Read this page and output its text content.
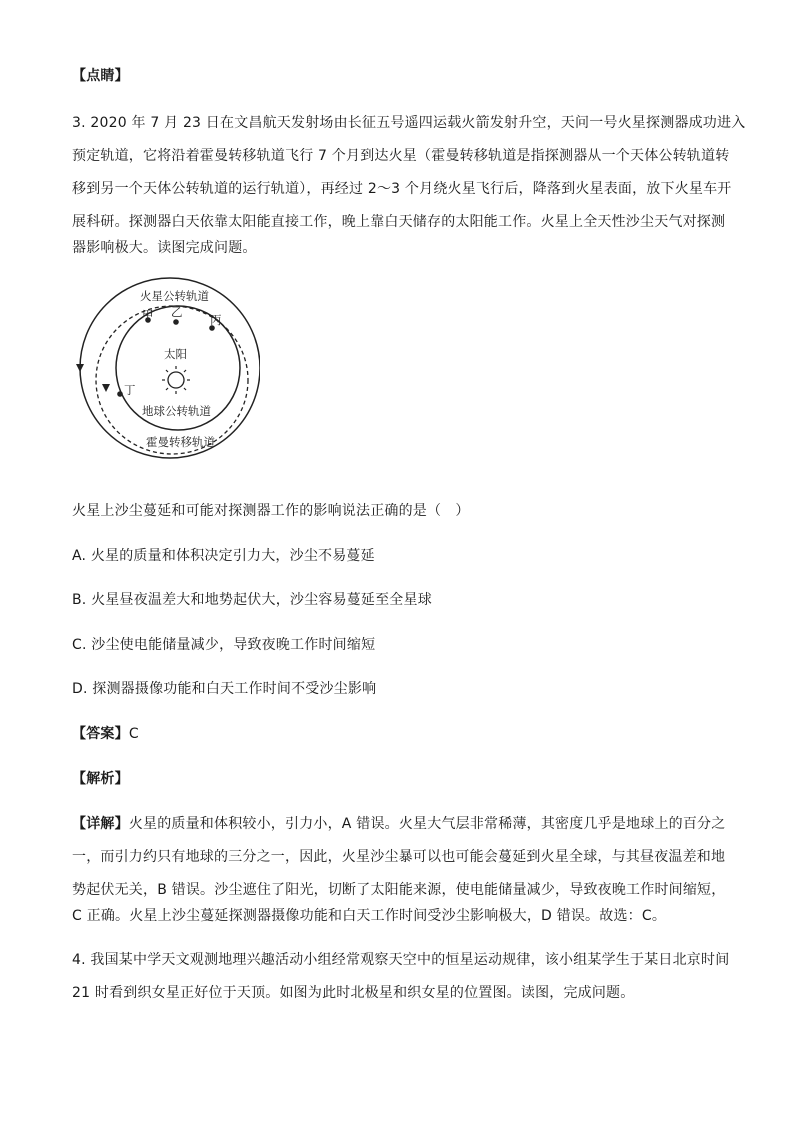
【点睛】
3. 2020 年 7 月 23 日在文昌航天发射场由长征五号遥四运载火箭发射升空，天问一号火星探测器成功进入
预定轨道，它将沿着霍曼转移轨道飞行 7 个月到达火星（霍曼转移轨道是指探测器从一个天体公转轨道转
移到另一个天体公转轨道的运行轨道），再经过 2～3 个月绕火星飞行后，降落到火星表面，放下火星车开
展科研。探测器白天依靠太阳能直接工作，晚上靠白天储存的太阳能工作。火星上全天性沙尘天气对探测
器影响极大。读图完成问题。
火星公转轨道
甲 乙
丙
太阳
丁
地球公转轨道
霍曼转移轨道
火星上沙尘蔓延和可能对探测器工作的影响说法正确的是（　）
A. 火星的质量和体积决定引力大，沙尘不易蔓延
B. 火星昼夜温差大和地势起伏大，沙尘容易蔓延至全星球
C. 沙尘使电能储量减少，导致夜晚工作时间缩短
D. 探测器摄像功能和白天工作时间不受沙尘影响
【答案】C
【解析】
【详解】火星的质量和体积较小，引力小，A 错误。火星大气层非常稀薄，其密度几乎是地球上的百分之
一，而引力约只有地球的三分之一，因此，火星沙尘暴可以也可能会蔓延到火星全球，与其昼夜温差和地
势起伏无关，B 错误。沙尘遮住了阳光，切断了太阳能来源，使电能储量减少，导致夜晚工作时间缩短，
C 正确。火星上沙尘蔓延探测器摄像功能和白天工作时间受沙尘影响极大，D 错误。故选：C。
4. 我国某中学天文观测地理兴趣活动小组经常观察天空中的恒星运动规律，该小组某学生于某日北京时间
21 时看到织女星正好位于天顶。如图为此时北极星和织女星的位置图。读图，完成问题。
